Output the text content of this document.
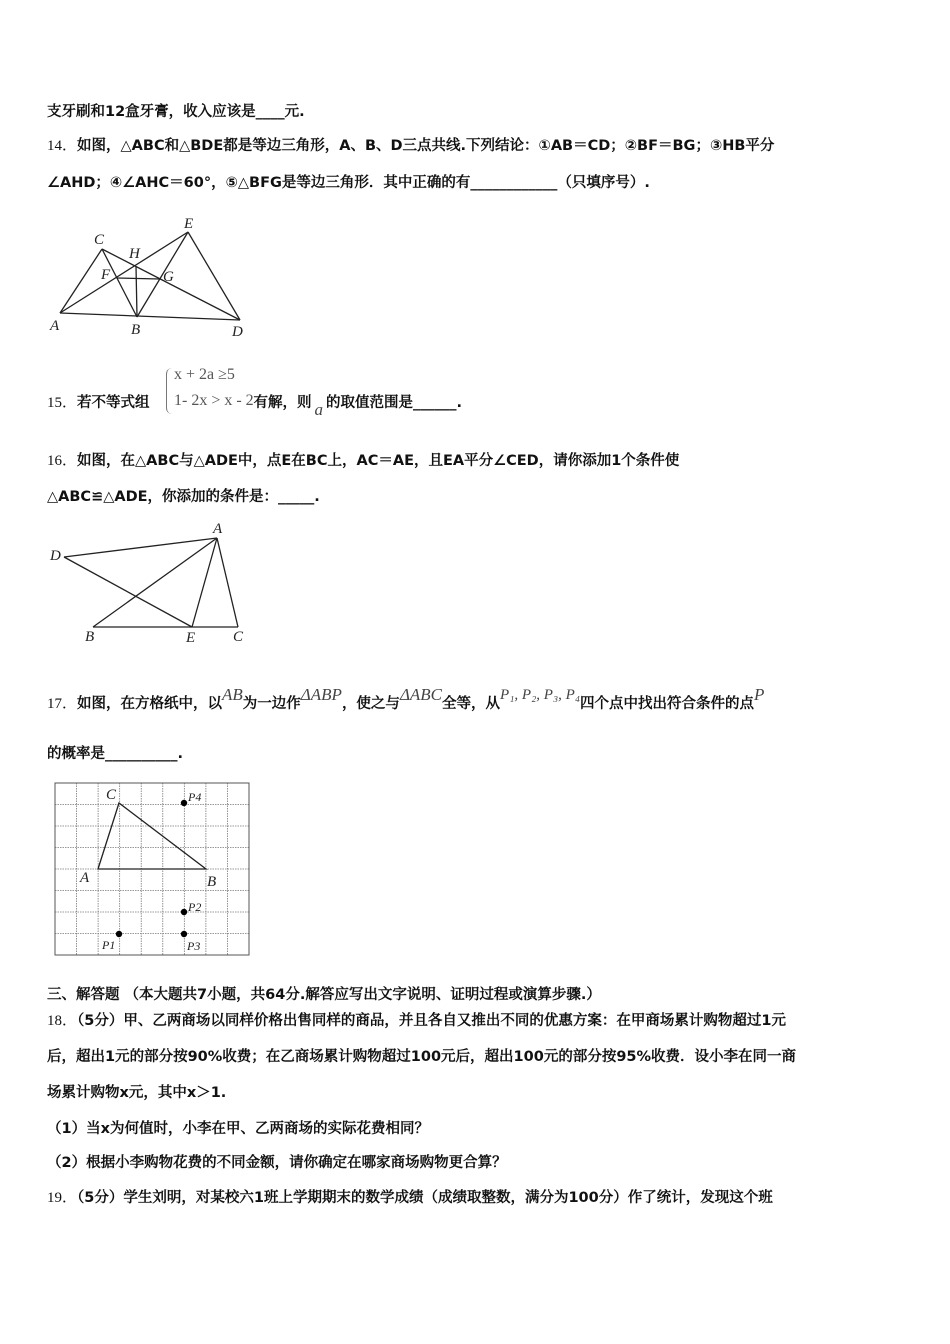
支牙刷和12盒牙膏，收入应该是____元.
14．如图，△ABC和△BDE都是等边三角形，A、B、D三点共线.下列结论：①AB＝CD；②BF＝BG；③HB平分
∠AHD；④∠AHC＝60°，⑤△BFG是等边三角形．其中正确的有____________（只填序号）.
A	B
C
D
E
F	G
H
15．若不等式组	有解，则 a 的取值范围是______.
x + 2a ≥5
1- 2x > x - 2
16．如图，在△ABC与△ADE中，点E在BC上，AC＝AE，且EA平分∠CED，请你添加1个条件使
△ABC≌△ADE，你添加的条件是：_____.
A
B	C
D
E
17．如图，在方格纸中，以AB为一边作ΔABP，使之与ΔABC全等，从P₁, P₂, P₃, P₄四个点中找出符合条件的点P
的概率是__________.
C
A	B
P4
P2
P1	P3
三、解答题 （本大题共7小题，共64分.解答应写出文字说明、证明过程或演算步骤.）
18．（5分）甲、乙两商场以同样价格出售同样的商品，并且各自又推出不同的优惠方案：在甲商场累计购物超过1元
后，超出1元的部分按90%收费；在乙商场累计购物超过100元后，超出100元的部分按95%收费．设小李在同一商
场累计购物x元，其中x＞1.
（1）当x为何值时，小李在甲、乙两商场的实际花费相同？
（2）根据小李购物花费的不同金额，请你确定在哪家商场购物更合算？
19．（5分）学生刘明，对某校六1班上学期期末的数学成绩（成绩取整数，满分为100分）作了统计，发现这个班
